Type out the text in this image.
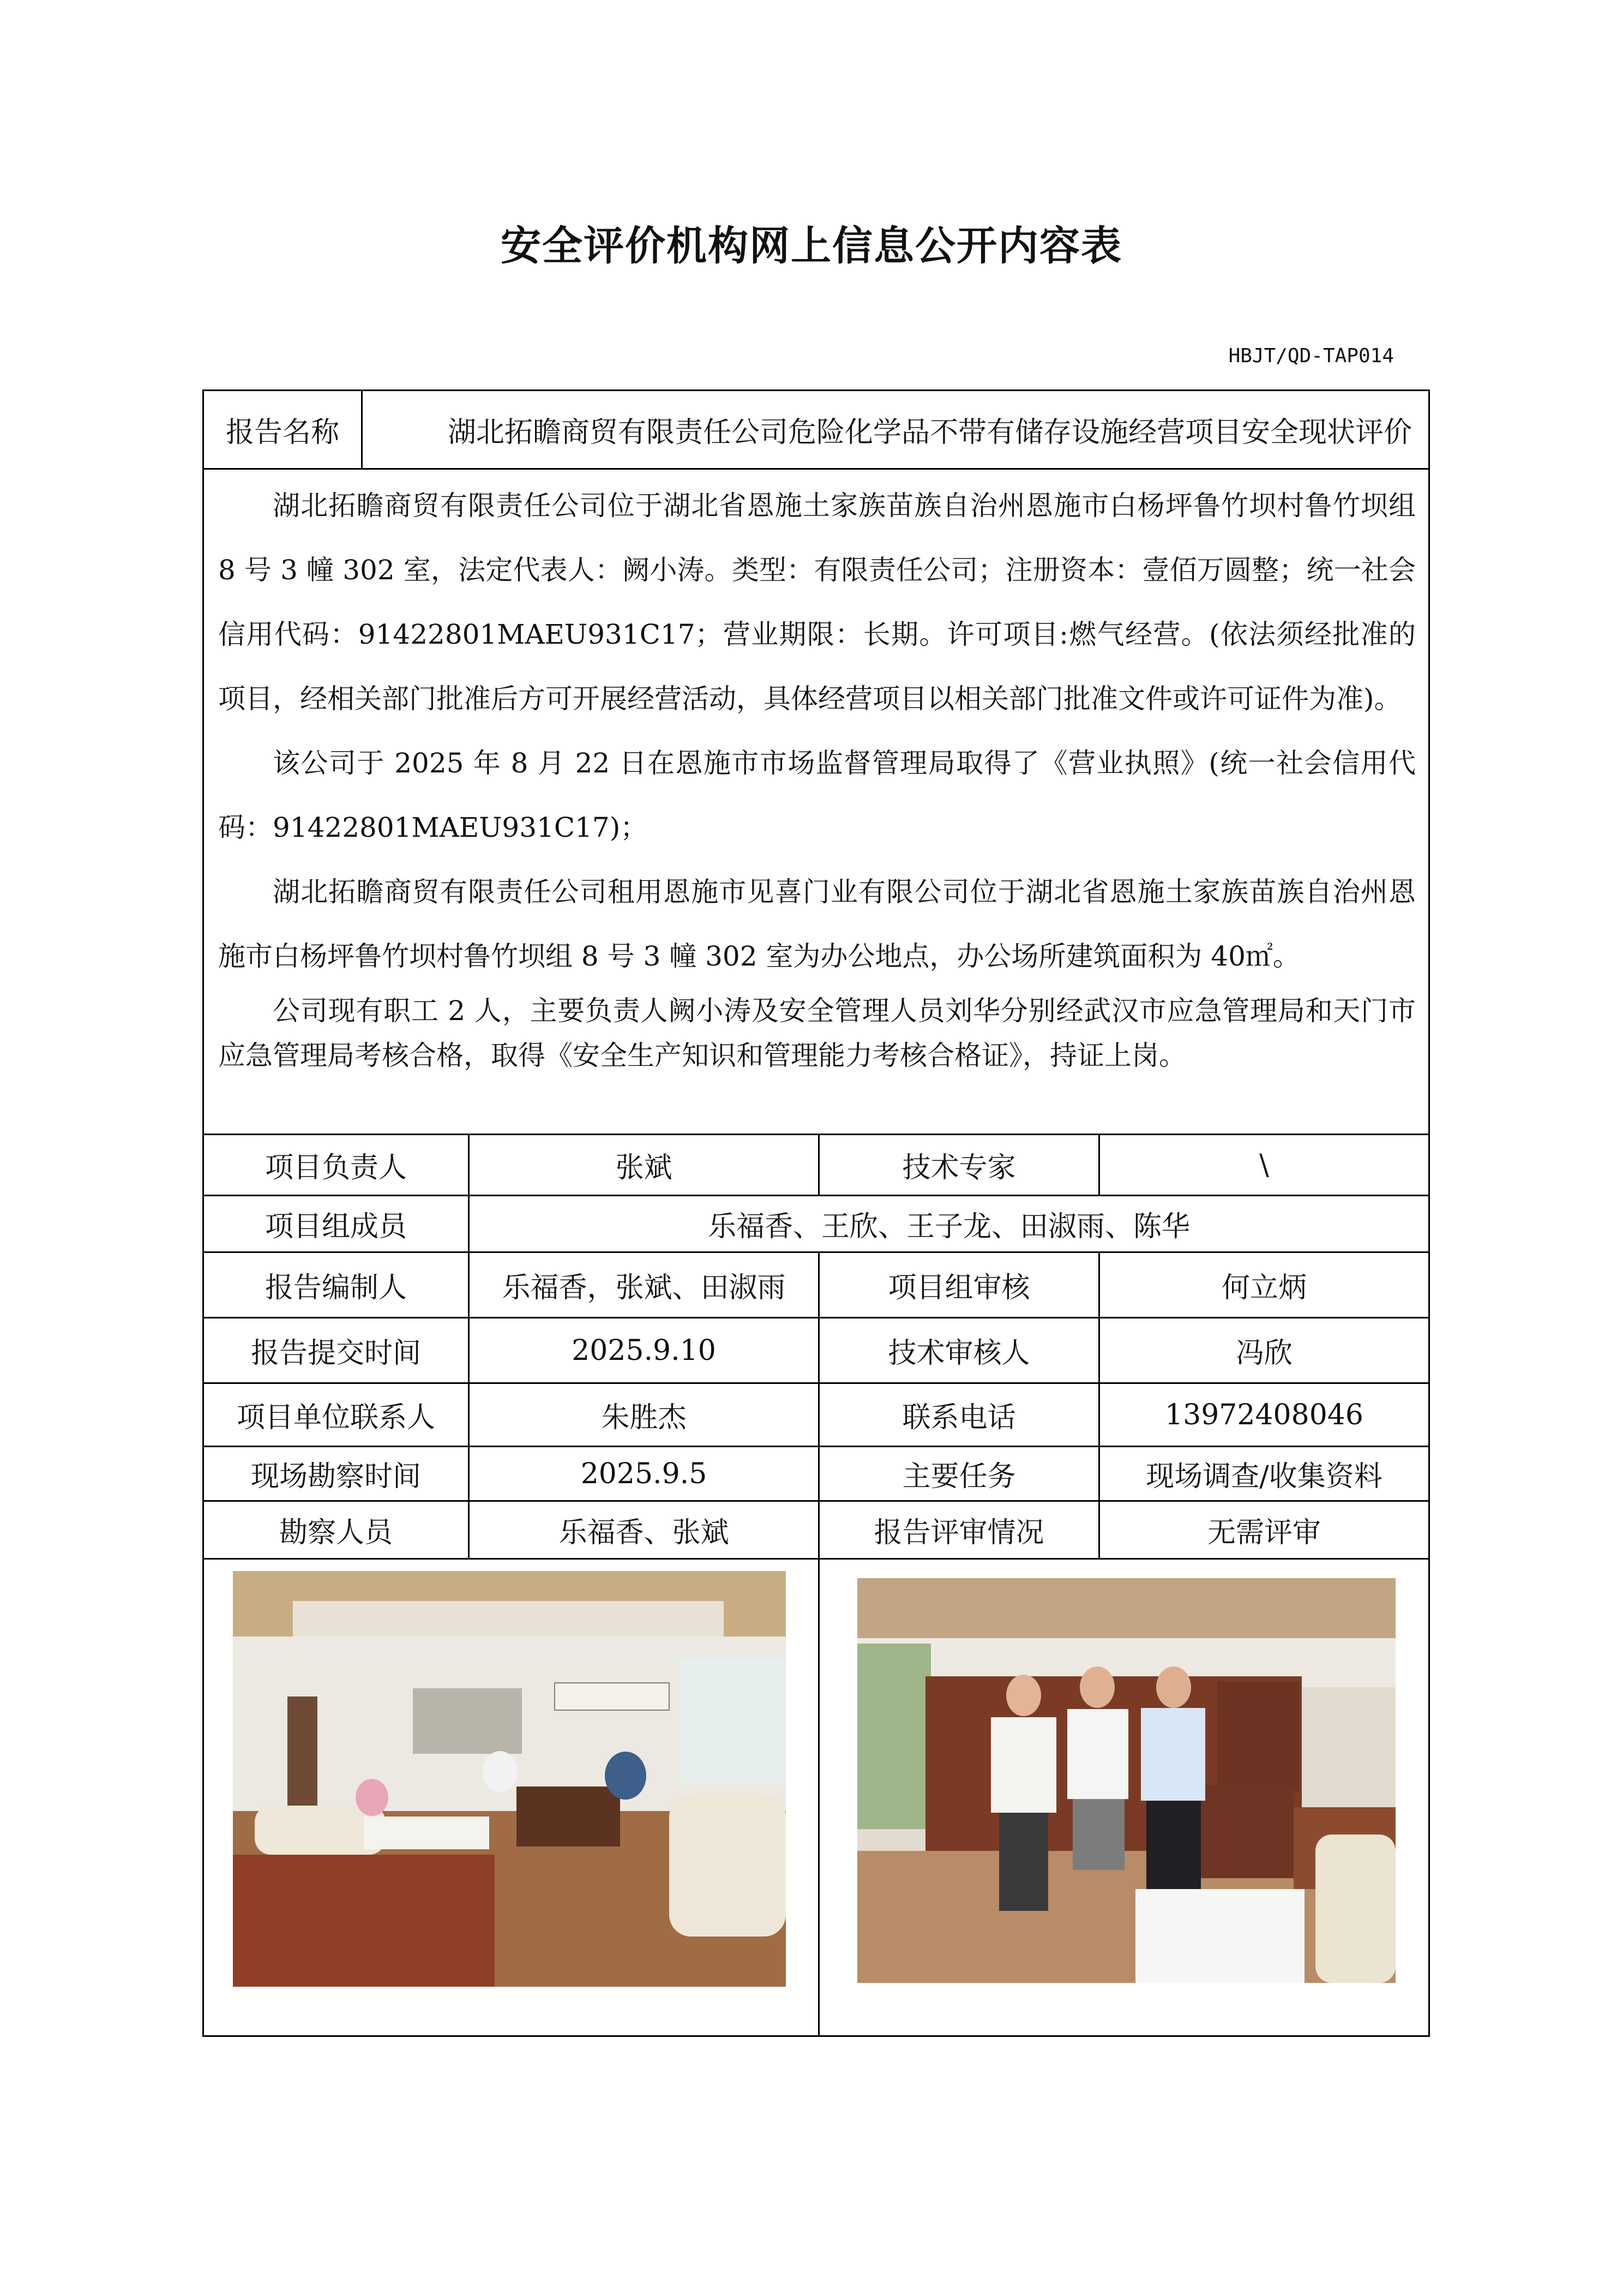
安全评价机构网上信息公开内容表
HBJT/QD-TAP014
报告名称	湖北拓瞻商贸有限责任公司危险化学品不带有储存设施经营项目安全现状评价

湖北拓瞻商贸有限责任公司位于湖北省恩施土家族苗族自治州恩施市白杨坪鲁竹坝村鲁竹坝组 8 号 3 幢 302 室，法定代表人：阙小涛。类型：有限责任公司；注册资本：壹佰万圆整；统一社会信用代码：91422801MAEU931C17；营业期限：长期。许可项目:燃气经营。(依法须经批准的项目，经相关部门批准后方可开展经营活动，具体经营项目以相关部门批准文件或许可证件为准)。

该公司于 2025 年 8 月 22 日在恩施市市场监督管理局取得了《营业执照》(统一社会信用代码：91422801MAEU931C17)；

湖北拓瞻商贸有限责任公司租用恩施市见喜门业有限公司位于湖北省恩施土家族苗族自治州恩施市白杨坪鲁竹坝村鲁竹坝组 8 号 3 幢 302 室为办公地点，办公场所建筑面积为 40㎡。

公司现有职工 2 人，主要负责人阙小涛及安全管理人员刘华分别经武汉市应急管理局和天门市应急管理局考核合格，取得《安全生产知识和管理能力考核合格证》，持证上岗。

项目负责人	张斌	技术专家	\
项目组成员	乐福香、王欣、王子龙、田淑雨、陈华
报告编制人	乐福香，张斌、田淑雨	项目组审核	何立炳
报告提交时间	2025.9.10	技术审核人	冯欣
项目单位联系人	朱胜杰	联系电话	13972408046
现场勘察时间	2025.9.5	主要任务	现场调查/收集资料
勘察人员	乐福香、张斌	报告评审情况	无需评审
